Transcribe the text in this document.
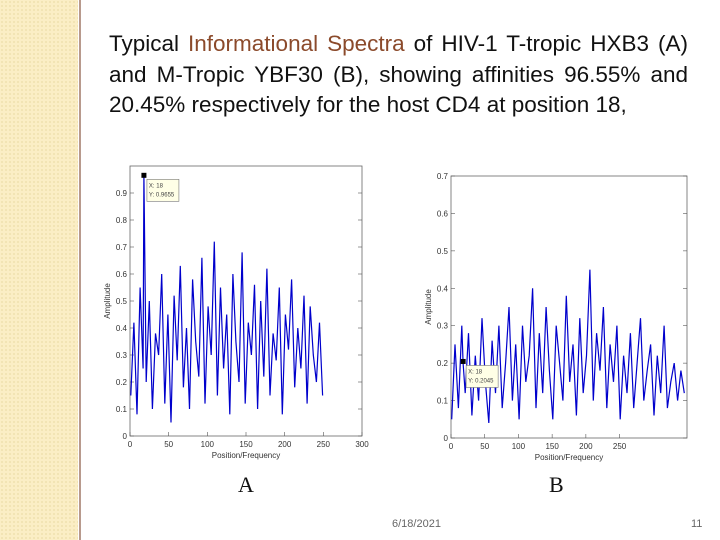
Typical Informational Spectra of HIV-1 T-tropic HXB3 (A) and M-Tropic YBF30 (B), showing affinities 96.55% and 20.45% respectively for the host CD4 at position 18,
0
0.1
0.2
0.3
0.4
0.5
0.6
0.7
0.8
0.9
0	50	100	150	200	250	300
Position/Frequency
Amplitude
X: 18
Y: 0.9655
0
0.1
0.2
0.3
0.4
0.5
0.6
0.7
0	50	100	150	200	250
Position/Frequency
Amplitude
X: 18
Y: 0.2045
A	B
6/18/2021	11
